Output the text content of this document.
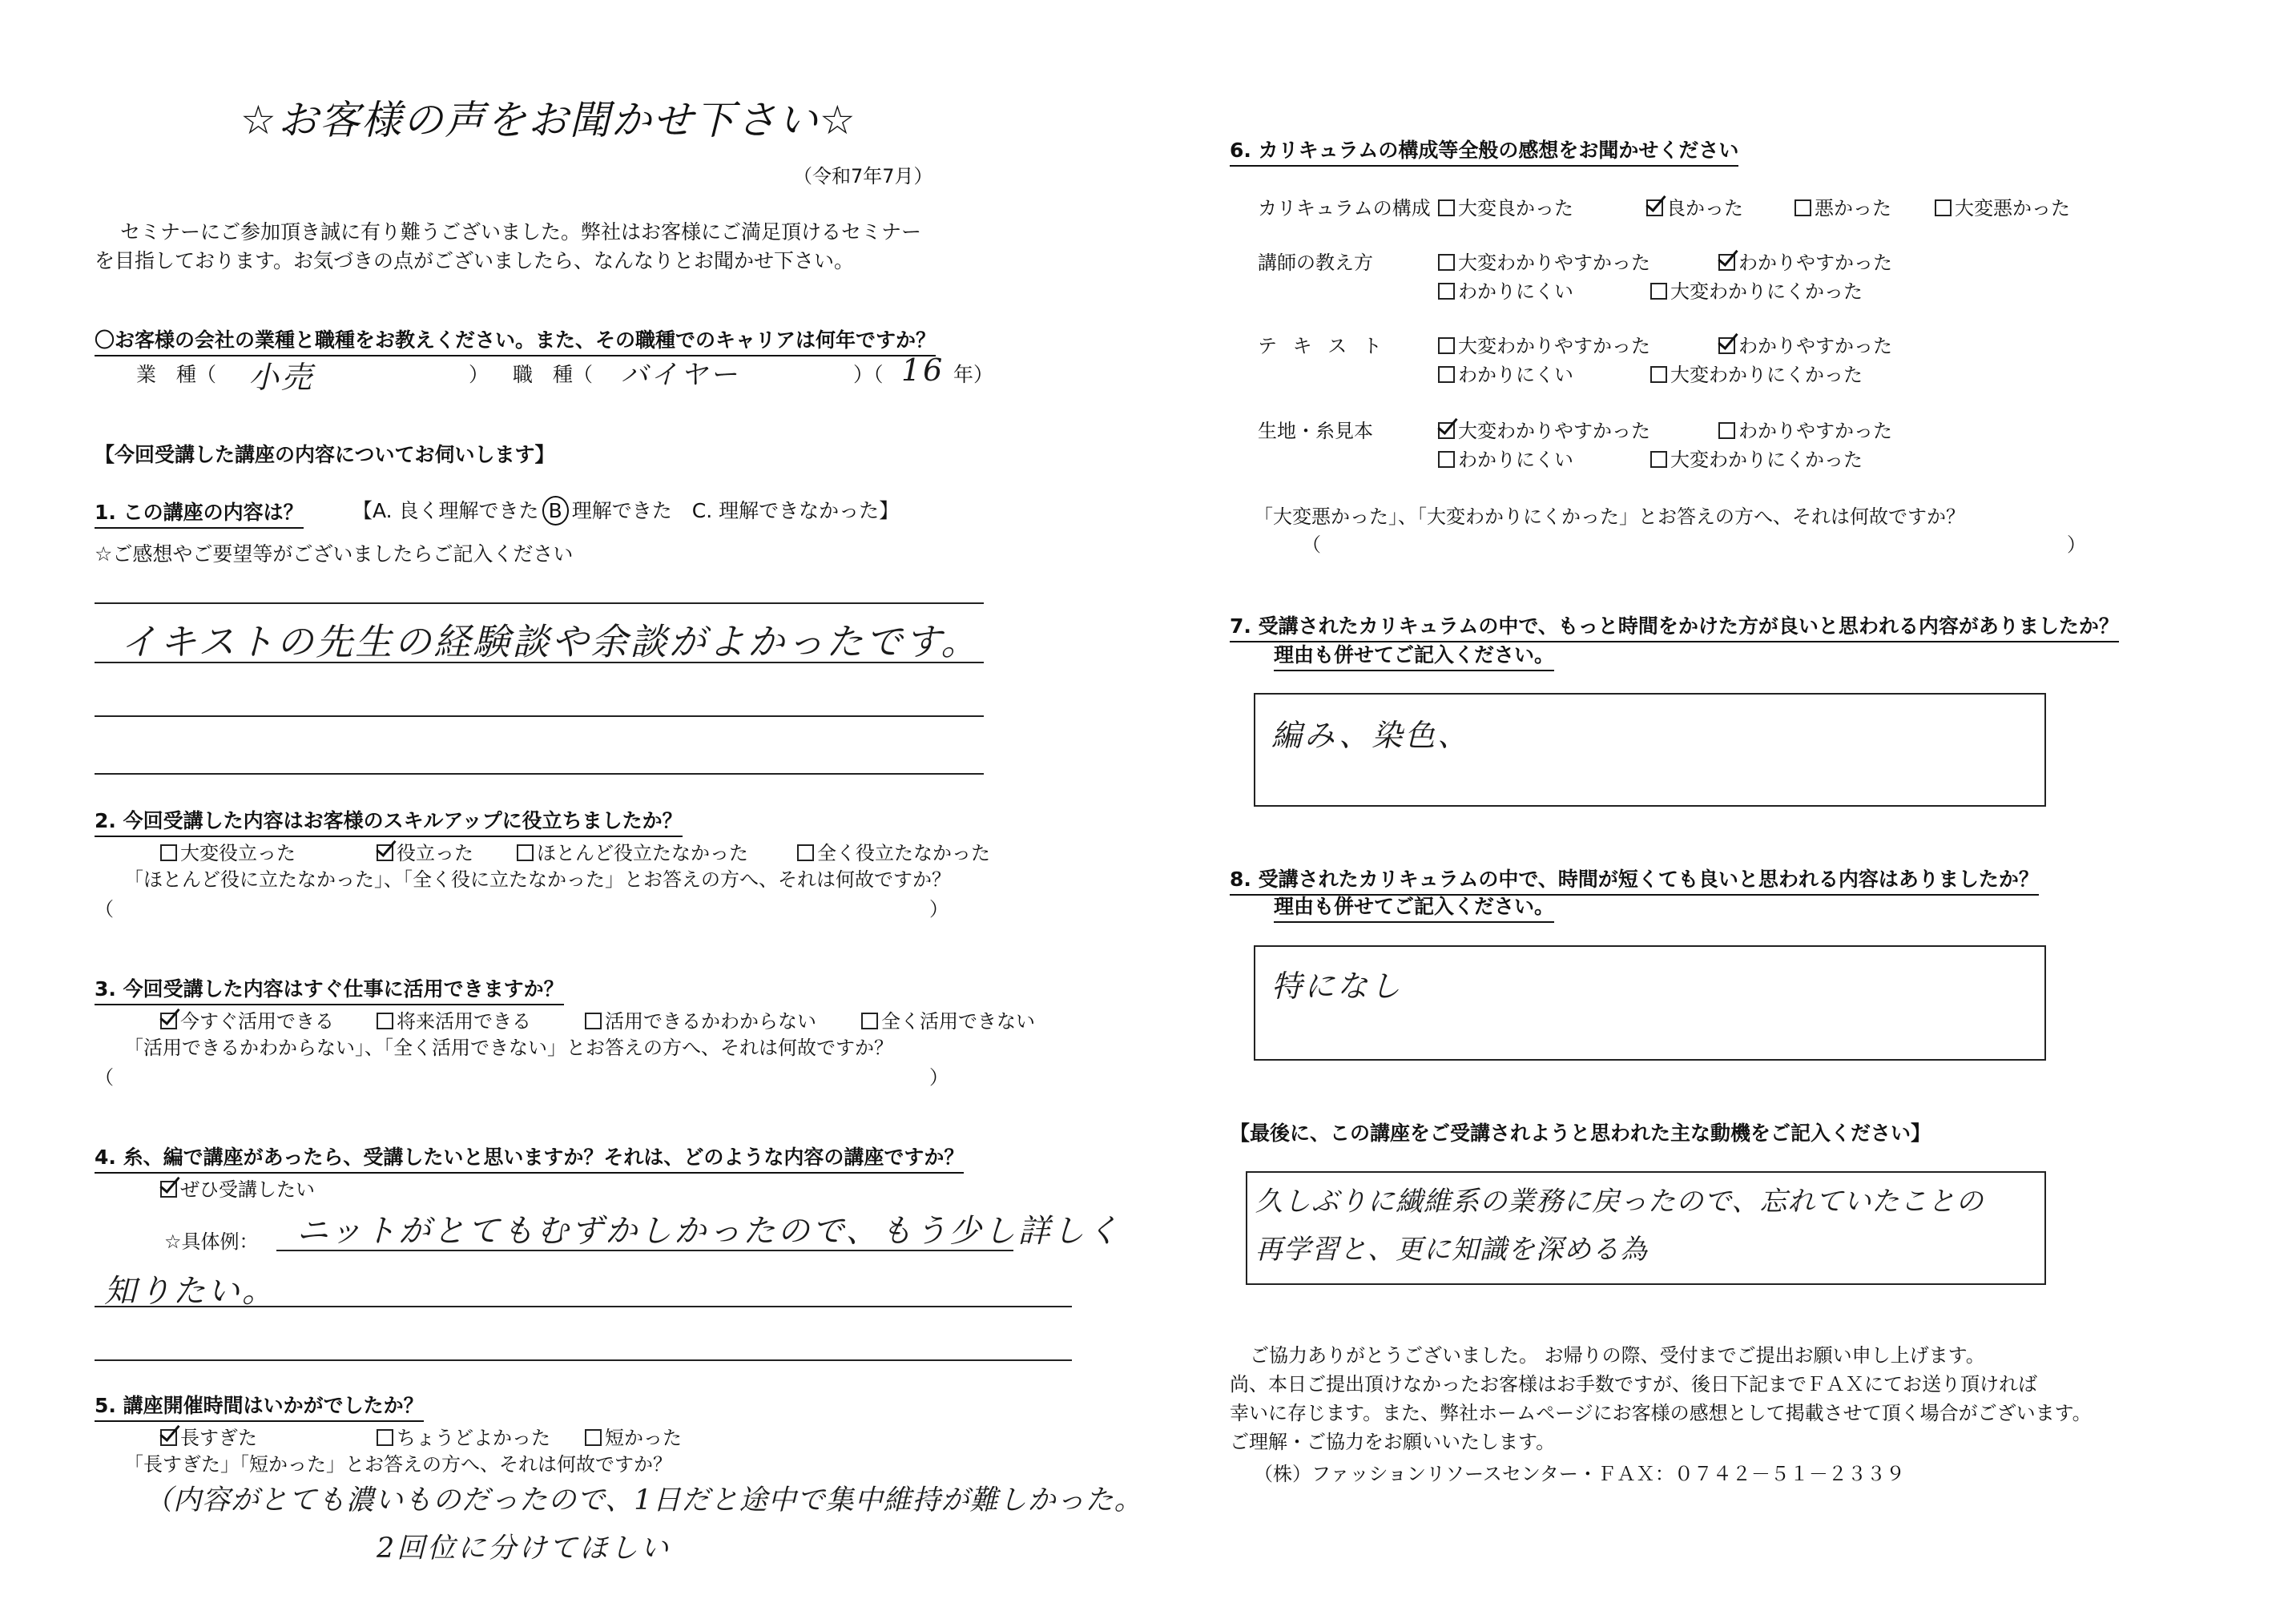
☆お客様の声をお聞かせ下さい☆
（令和7年7月）
セミナーにご参加頂き誠に有り難うございました。弊社はお客様にご満足頂けるセミナー
を目指しております。お気づきの点がございましたら、なんなりとお聞かせ下さい。
〇お客様の会社の業種と職種をお教えください。また、その職種でのキャリアは何年ですか？
業　種（ 小売	） 職　種（ バイヤー	）（ 16 年）
【今回受講した講座の内容についてお伺いします】
1. この講座の内容は？ 【A. 良く理解できた B 理解できた　 C. 理解できなかった】
☆ご感想やご要望等がございましたらご記入ください
イキストの先生の経験談や余談がよかったです。
2. 今回受講した内容はお客様のスキルアップに役立ちましたか？
大変役立った	役立った	ほとんど役立たなかった	全く役立たなかった
「ほとんど役に立たなかった」、「全く役に立たなかった」とお答えの方へ、それは何故ですか？
（	）
3. 今回受講した内容はすぐ仕事に活用できますか？
今すぐ活用できる	将来活用できる	活用できるかわからない	全く活用できない
「活用できるかわからない」、「全く活用できない」とお答えの方へ、それは何故ですか？
（	）
4. 糸、編で講座があったら、受講したいと思いますか？それは、どのような内容の講座ですか？
ぜひ受講したい
☆具体例： ニットがとてもむずかしかったので、もう少し詳しく
知りたい。
5. 講座開催時間はいかがでしたか？
長すぎた	ちょうどよかった	短かった
「長すぎた」「短かった」とお答えの方へ、それは何故ですか？
（内容がとても濃いものだったので、1日だと途中で集中維持が難しかった。
2回位に分けてほしい
6. カリキュラムの構成等全般の感想をお聞かせください
カリキュラムの構成	大変良かった	良かった	悪かった	大変悪かった
講師の教え方	大変わかりやすかった	わかりやすかった
わかりにくい	大変わかりにくかった
テ キ ス ト	大変わかりやすかった	わかりやすかった
わかりにくい	大変わかりにくかった
生地・糸見本	大変わかりやすかった	わかりやすかった
わかりにくい	大変わかりにくかった
「大変悪かった」、「大変わかりにくかった」とお答えの方へ、それは何故ですか？
（	）
7. 受講されたカリキュラムの中で、もっと時間をかけた方が良いと思われる内容がありましたか？
理由も併せてご記入ください。
編み、染色、
8. 受講されたカリキュラムの中で、時間が短くても良いと思われる内容はありましたか？
理由も併せてご記入ください。
特になし
【最後に、この講座をご受講されようと思われた主な動機をご記入ください】
久しぶりに繊維系の業務に戻ったので、忘れていたことの
再学習と、更に知識を深める為
ご協力ありがとうございました。 お帰りの際、受付までご提出お願い申し上げます。
尚、本日ご提出頂けなかったお客様はお手数ですが、後日下記までＦＡＸにてお送り頂ければ
幸いに存じます。また、弊社ホームページにお客様の感想として掲載させて頂く場合がございます。
ご理解・ご協力をお願いいたします。
（株）ファッションリソースセンター・ＦＡＸ：０７４２－５１－２３３９
